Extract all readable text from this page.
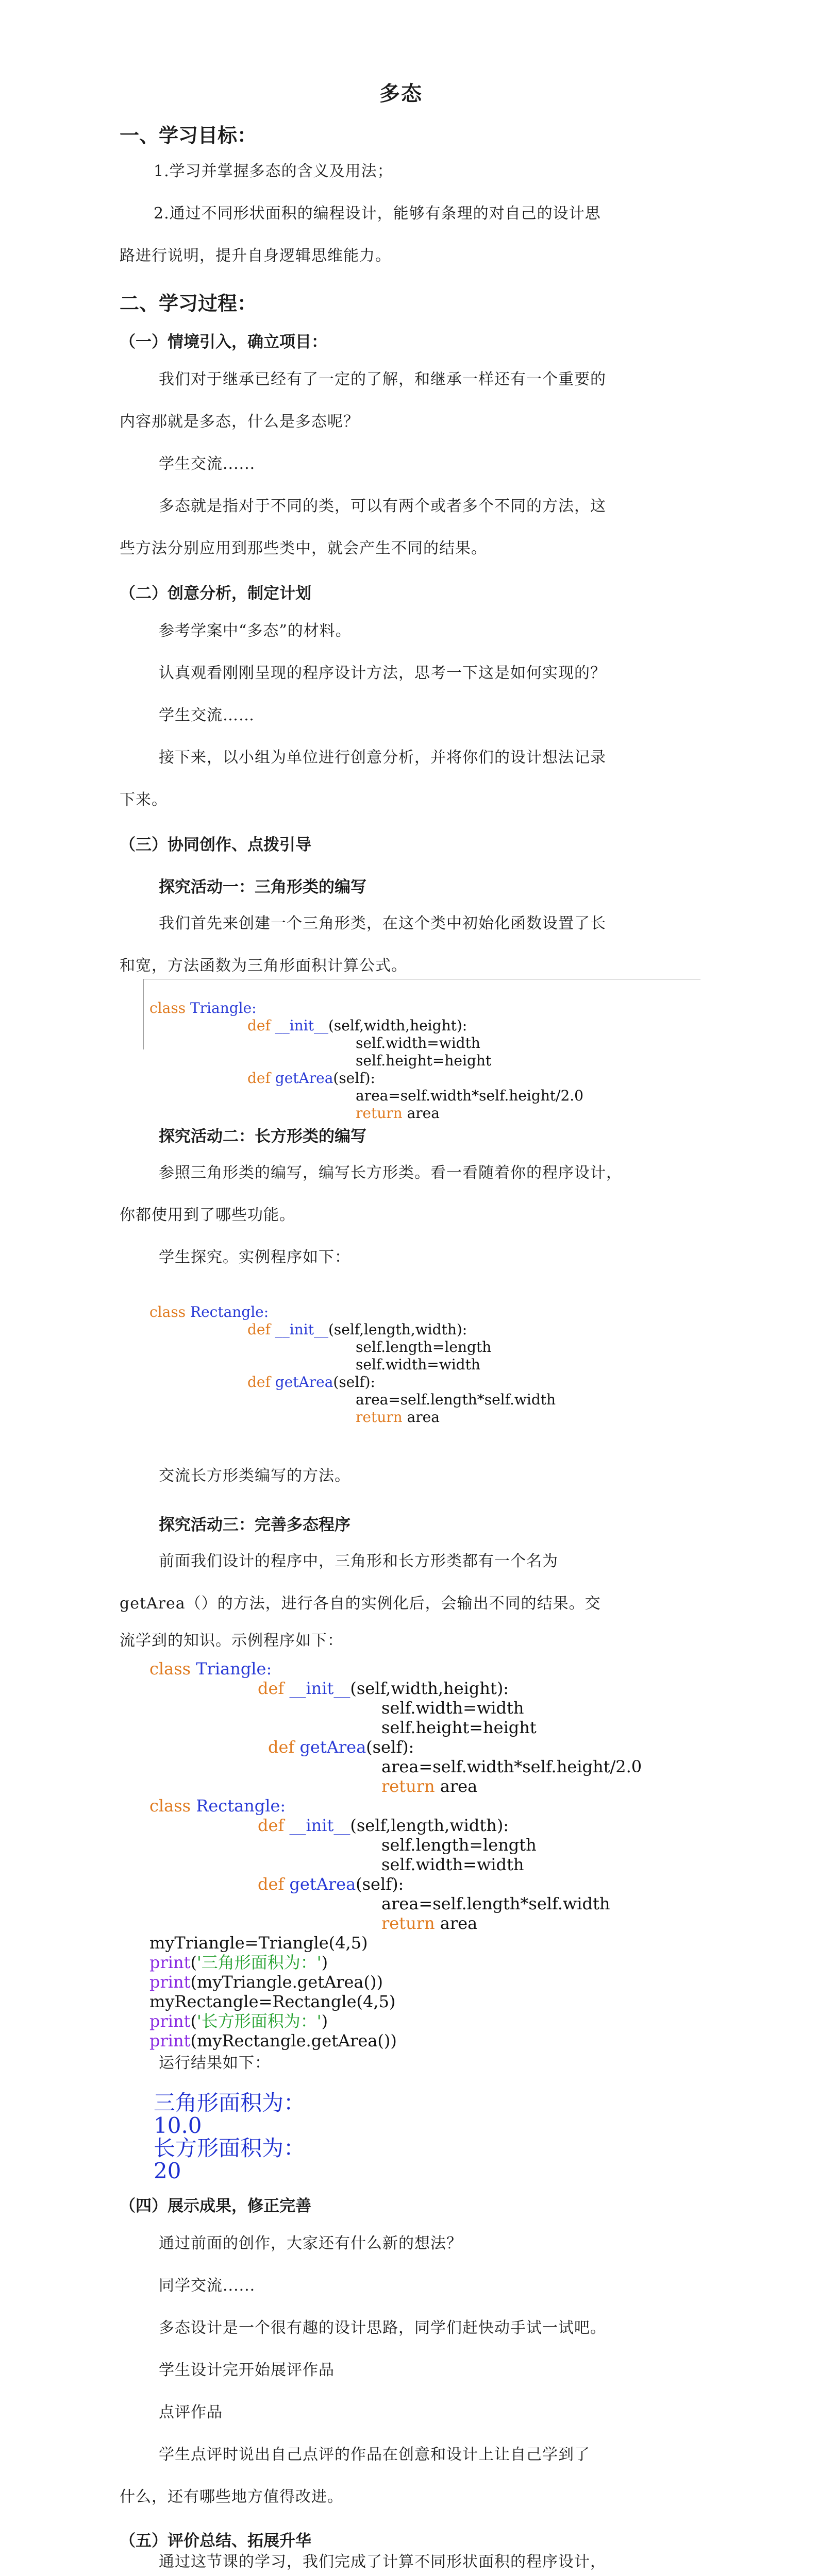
多态
一、学习目标：
1.学习并掌握多态的含义及用法；
2.通过不同形状面积的编程设计，能够有条理的对自己的设计思
路进行说明，提升自身逻辑思维能力。
二、学习过程：
（一）情境引入，确立项目：
我们对于继承已经有了一定的了解，和继承一样还有一个重要的
内容那就是多态，什么是多态呢？
学生交流......
多态就是指对于不同的类，可以有两个或者多个不同的方法，这
些方法分别应用到那些类中，就会产生不同的结果。
（二）创意分析，制定计划
参考学案中“多态”的材料。
认真观看刚刚呈现的程序设计方法，思考一下这是如何实现的？
学生交流……
接下来，以小组为单位进行创意分析，并将你们的设计想法记录
下来。
（三）协同创作、点拨引导
探究活动一：三角形类的编写
我们首先来创建一个三角形类，在这个类中初始化函数设置了长
和宽，方法函数为三角形面积计算公式。

class Triangle:
def __init__(self,width,height):
self.width=width
self.height=height
def getArea(self):
area=self.width*self.height/2.0
return area
探究活动二：长方形类的编写
参照三角形类的编写，编写长方形类。看一看随着你的程序设计，
你都使用到了哪些功能。
学生探究。实例程序如下：

class Rectangle:
def __init__(self,length,width):
self.length=length
self.width=width
def getArea(self):
area=self.length*self.width
return area
交流长方形类编写的方法。
探究活动三：完善多态程序
前面我们设计的程序中，三角形和长方形类都有一个名为
getArea（）的方法，进行各自的实例化后，会输出不同的结果。交
流学到的知识。示例程序如下：

class Triangle:
def __init__(self,width,height):
self.width=width
self.height=height
def getArea(self):
area=self.width*self.height/2.0
return area
class Rectangle:
def __init__(self,length,width):
self.length=length
self.width=width
def getArea(self):
area=self.length*self.width
return area
myTriangle=Triangle(4,5)
print('三角形面积为：')
print(myTriangle.getArea())
myRectangle=Rectangle(4,5)
print('长方形面积为：')
print(myRectangle.getArea())
运行结果如下：
三角形面积为：
10.0
长方形面积为：
20
（四）展示成果，修正完善
通过前面的创作，大家还有什么新的想法？
同学交流......
多态设计是一个很有趣的设计思路，同学们赶快动手试一试吧。
学生设计完开始展评作品
点评作品
学生点评时说出自己点评的作品在创意和设计上让自己学到了
什么，还有哪些地方值得改进。
（五）评价总结、拓展升华
通过这节课的学习，我们完成了计算不同形状面积的程序设计，
